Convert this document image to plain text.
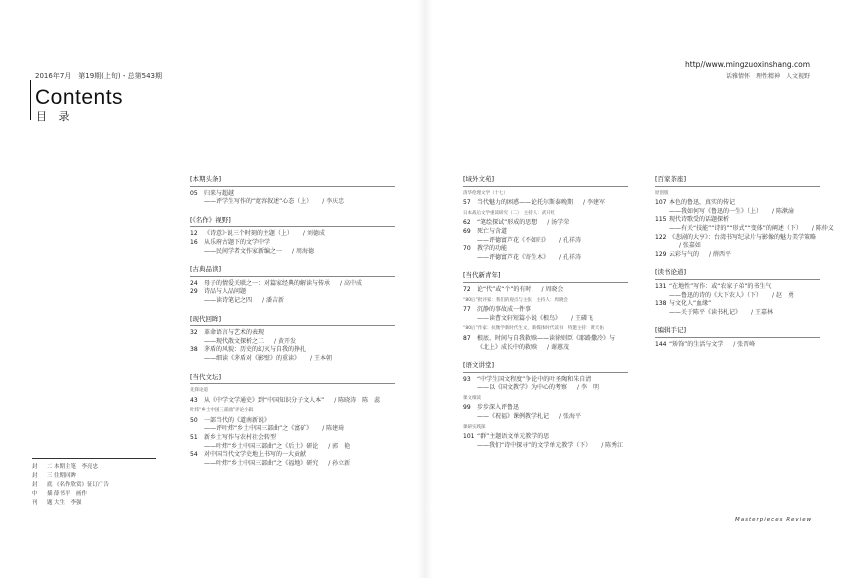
2016年7月　第19期(上旬)・总第543期
Contents
目 录
http//www.mingzuoxinshang.com
话雅情怀　理性精神　人文视野
[本期头条]
05	归来与超越
——评学生写作的“宽容叙述”心态（上） / 李庆忠
[《名作》视野]
12	《诗意》·说三个时刻的主题（上） / 刘德成
16	从乐府古题下的文学中学
——民间学者文作家新编之一 / 周海德
[古典品读]
24	母子的情爱关联之一：对篇家经典的解读与传承 / 高中成
29	诗品与人品问题
——读诗笔记之四 / 潘吉新
[现代回眸]
32	革命语言与艺术的表现
——现代散文探析之二 / 黄开发
38	茅盾的风貌：历史的幻灭与自我的挣扎
——细读《茅盾对《影壁》的重读》 / 王本朝
[当代文坛]
先锋论道
43	从《中学文学通史》到“中国知识分子文人本” / 陈晓涛　陈　蕊
叶炜“乡土中国三部曲”评论小辑
50	一部当代的《道南新说》
——评叶炜“乡土中国三部曲”之《富矿》 / 陈建琦
51	新乡土写作与农村社会转型
——叶炜“乡土中国三部曲”之《后土》研论 / 郭　艳
54	对中国当代文学史地上书写的一大贡献
——叶炜“乡土中国三部曲”之《福地》研究 / 孙立新
[域外文苑]
清华伦理文学（十七）
57	当代魅力的困惑——论托尔斯泰晚期 / 李建军
日本战后文学重读研究（二）　主持人：武开红
62	“笔绘探试”形成的思想 / 汤学荣
69	死亡与含道
——评德富芦花《不如归》 / 孔祥涛
70	教学的功能
——评德富芦花《寄生木》 / 孔祥涛
[当代新青年]
72	论“代”或“个”的有时 / 周晓会
“80后”批评家：我们的观点与主张　主持人：周晓会
77	沉静的事故成一件事
——读曹文轩短篇小说《根鸟》 / 王磷飞
“80后”作家：抗衡学新时代生文，新媒体时代读书　特邀主持：黄天佑
87	根底、时间与自我救赎——读徐则臣《耶路撒冷》与
《北上》成长中的救赎 / 谢蕙茂
[语文讲堂]
93	“中学生国文程度”争论中的叶圣陶和朱自清
——以《国文教学》为中心的考察 / 李　明
课文细读
99	步步深入评鲁迅
——《祝福》课例教学札记 / 张海平
课研实践探
101 “群”主题语文单元教学的思
——我们“诗中探寻”的文学单元教学（下） / 陈秀江
[百家茶座]
原创版
107 本色的鲁迅，真实的传记
——我如何写《鲁迅的一生》（上） / 陈漱渝
115 现代诗歌受的话题探析
——有关“技能”“诗的”“形式”“变体”的阐述（下） / 陈仲义
122 《悲剧的大亨》：台湾书写纪录片与影像的魅力美学策略
/ 张嘉如
129 云彩与气的 / 薛西平
[读书论道]
131 “在地性”写作：或“农家子弟”的书生气
——鲁迅的诗的《大下农人》（下） / 赵　勇
138 与文化人“血缘”
——关于陈平《读书札记》 / 王嘉林
[编辑手记]
144 “矫饰”的生活与文学 / 张晋峰
封　二 本期主笔　李亮忠
封　三 往期回眸
封　底 《名作欣赏》征订广告
中　插 薛书平　画作
刊　题 大生　李强
Masterpieces Review
